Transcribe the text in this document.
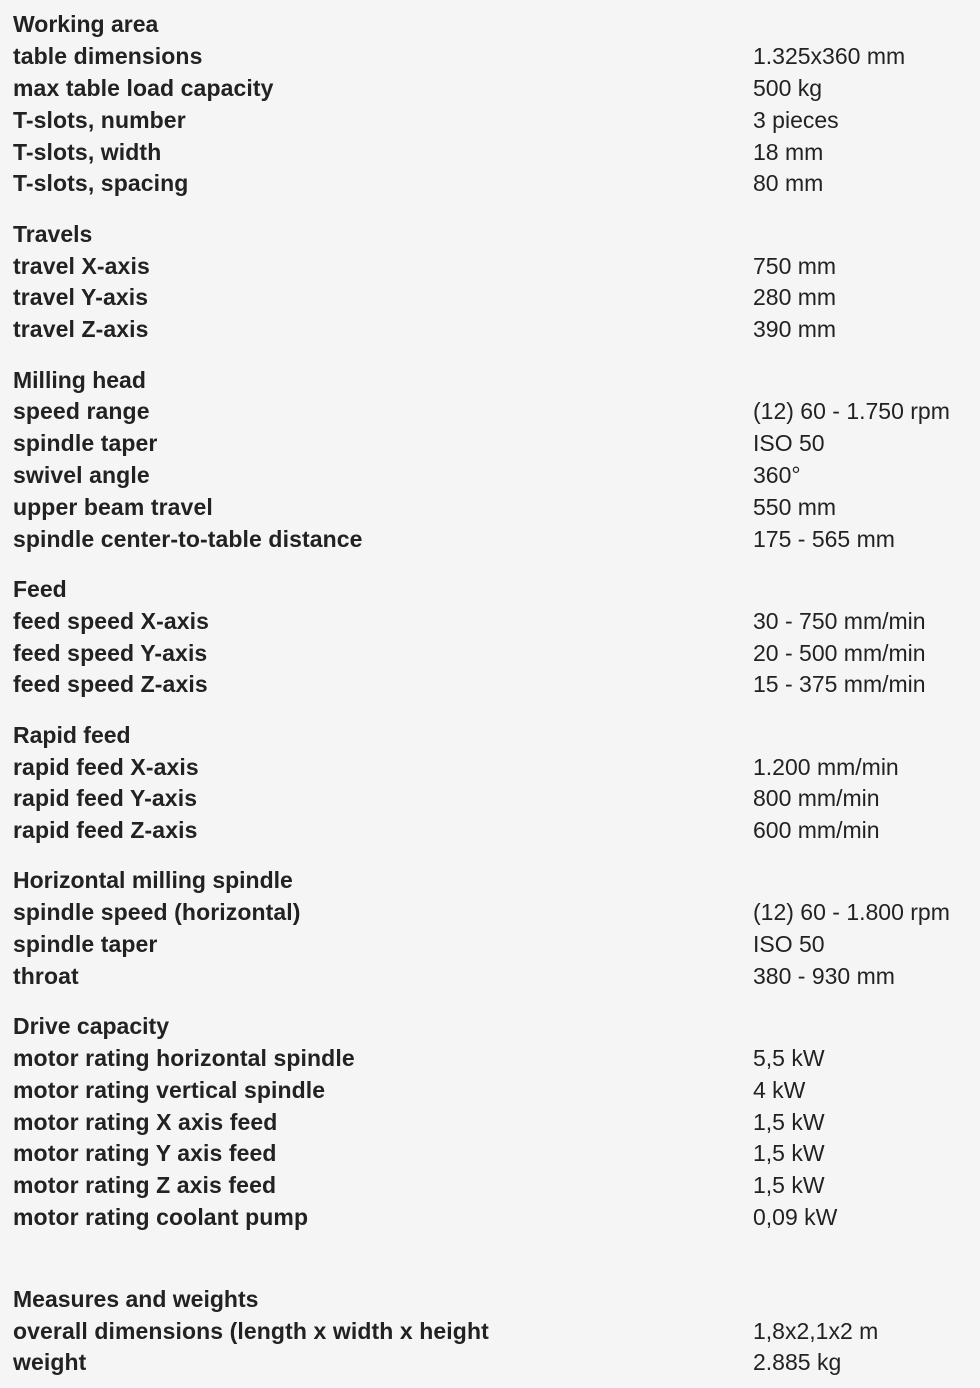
Working area
table dimensions	1.325x360 mm
max table load capacity	500 kg
T-slots, number	3 pieces
T-slots, width	18 mm
T-slots, spacing	80 mm
Travels
travel X-axis	750 mm
travel Y-axis	280 mm
travel Z-axis	390 mm
Milling head
speed range	(12) 60 - 1.750 rpm
spindle taper	ISO 50
swivel angle	360°
upper beam travel	550 mm
spindle center-to-table distance	175 - 565 mm
Feed
feed speed X-axis	30 - 750 mm/min
feed speed Y-axis	20 - 500 mm/min
feed speed Z-axis	15 - 375 mm/min
Rapid feed
rapid feed X-axis	1.200 mm/min
rapid feed Y-axis	800 mm/min
rapid feed Z-axis	600 mm/min
Horizontal milling spindle
spindle speed (horizontal)	(12) 60 - 1.800 rpm
spindle taper	ISO 50
throat	380 - 930 mm
Drive capacity
motor rating horizontal spindle	5,5 kW
motor rating vertical spindle	4 kW
motor rating X axis feed	1,5 kW
motor rating Y axis feed	1,5 kW
motor rating Z axis feed	1,5 kW
motor rating coolant pump	0,09 kW
Measures and weights
overall dimensions (length x width x height	1,8x2,1x2 m
weight	2.885 kg
